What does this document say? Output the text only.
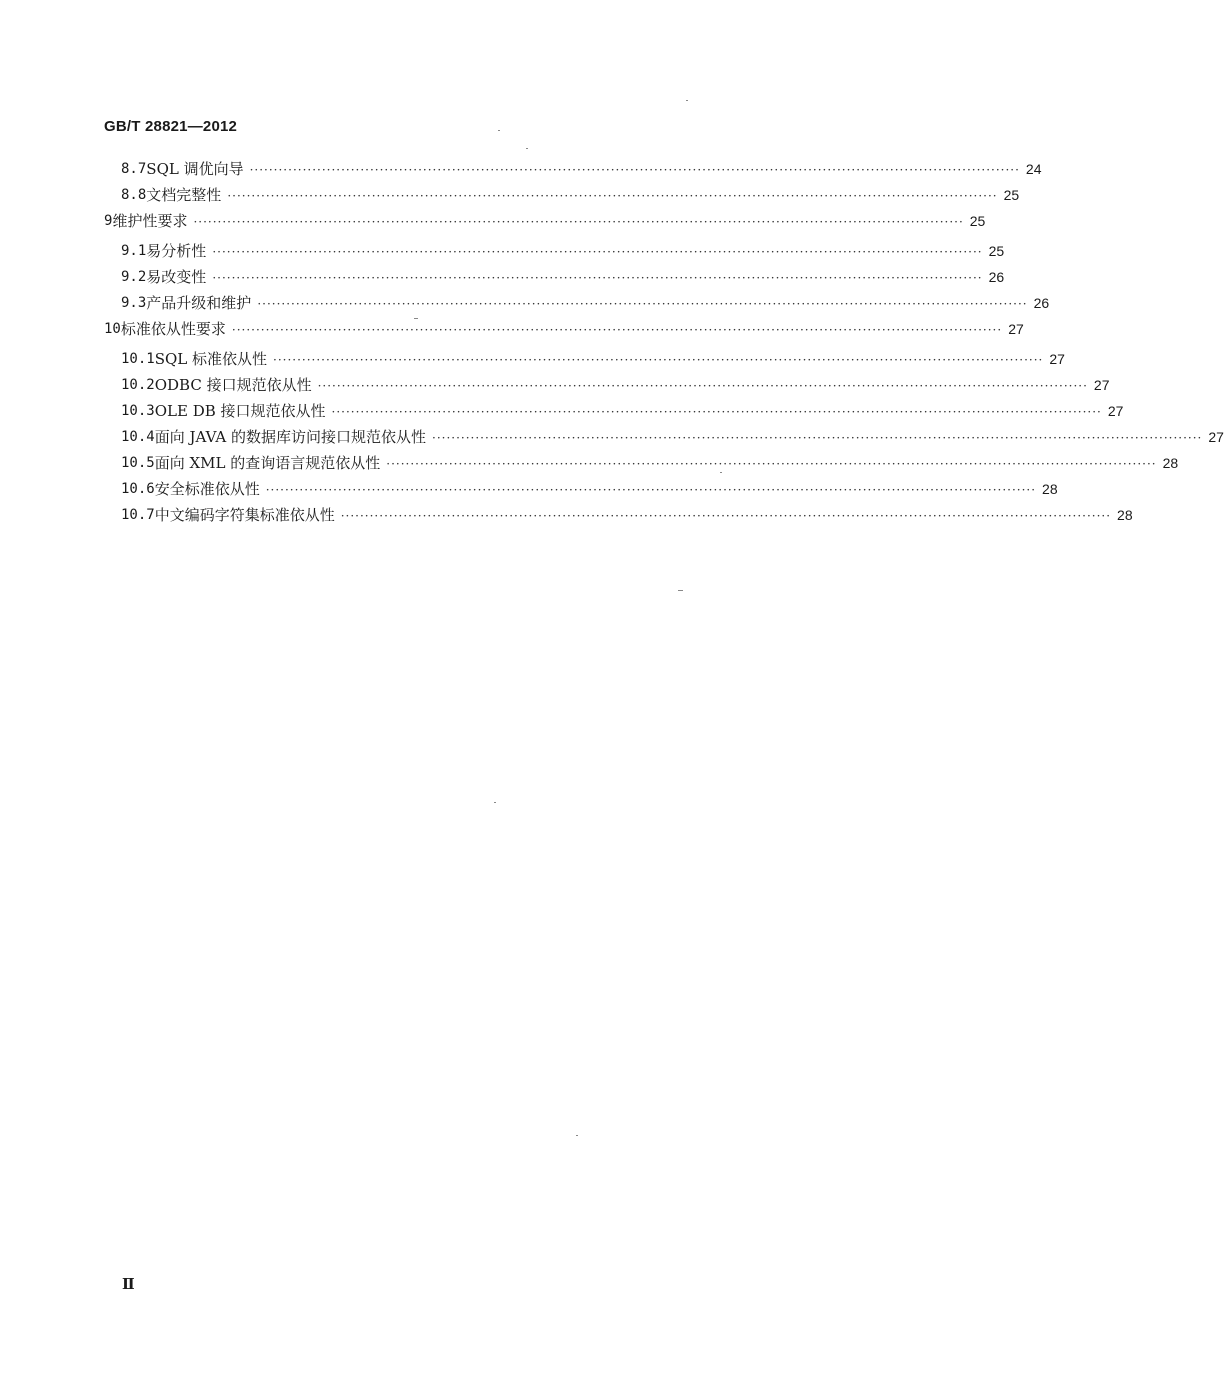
GB/T 28821—2012
8.7 SQL 调优向导 ································································································································································ 24
8.8 文档完整性 ································································································································································ 25
9 维护性要求 ································································································································································ 25
9.1 易分析性 ································································································································································ 25
9.2 易改变性 ································································································································································ 26
9.3 产品升级和维护 ································································································································································ 26
10 标准依从性要求 ································································································································································ 27
10.1 SQL 标准依从性 ································································································································································ 27
10.2 ODBC 接口规范依从性 ································································································································································ 27
10.3 OLE DB 接口规范依从性 ································································································································································ 27
10.4 面向 JAVA 的数据库访问接口规范依从性 ································································································································································ 27
10.5 面向 XML 的查询语言规范依从性 ································································································································································ 28
10.6 安全标准依从性 ································································································································································ 28
10.7 中文编码字符集标准依从性 ································································································································································ 28
Ⅱ
